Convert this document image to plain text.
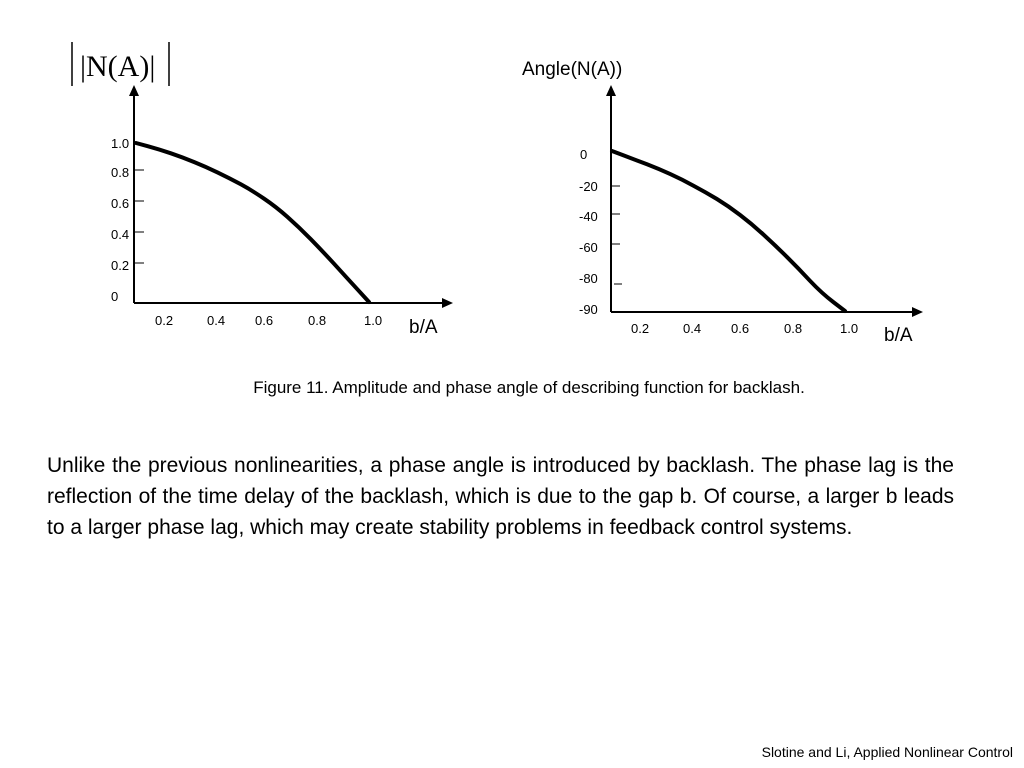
|N(A)|
1.0
0.8
0.6
0.4
0.2
0
0.2	0.4 0.6	0.8	1.0 b/A
Angle(N(A))
0
-20
-40
-60
-80
-90
0.2	0.4 0.6	0.8	1.0 b/A

Figure 11. Amplitude and phase angle of describing function for backlash.

Unlike the previous nonlinearities, a phase angle is introduced by backlash. The phase lag is the reflection of the time delay of the backlash, which is due to the gap b. Of course, a larger b leads to a larger phase lag, which may create stability problems in feedback control systems.

Slotine and Li, Applied Nonlinear Control
